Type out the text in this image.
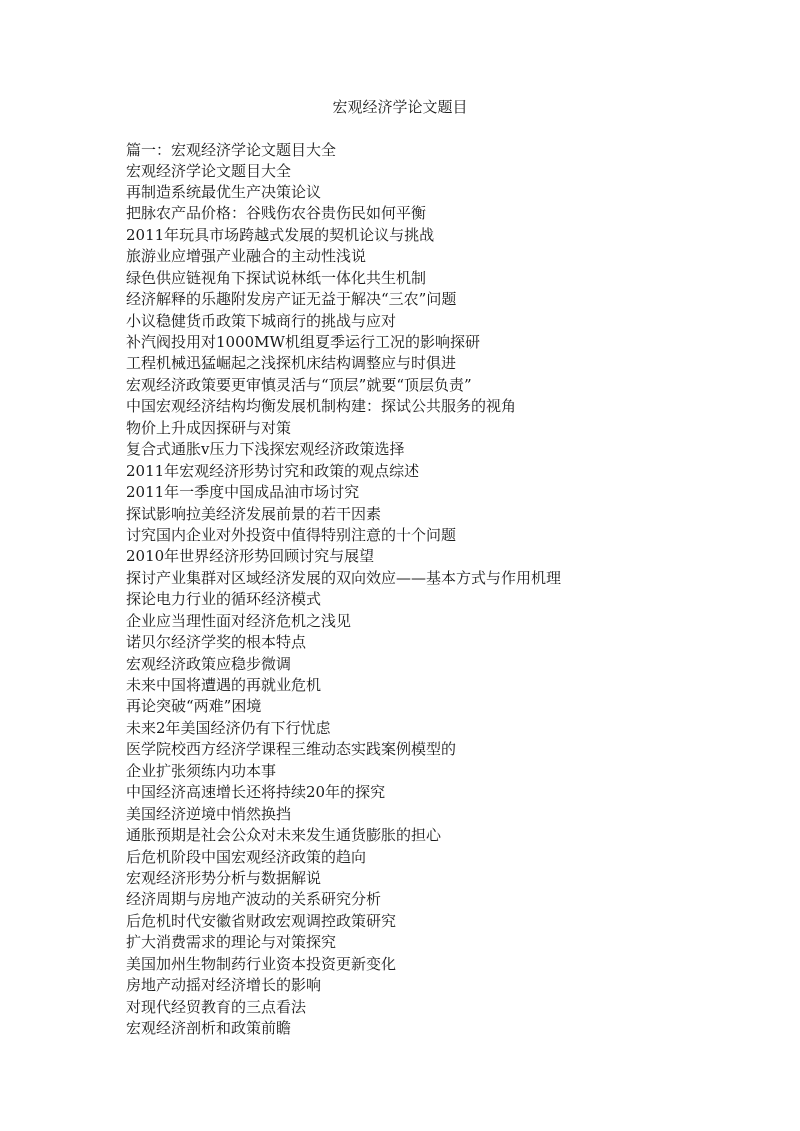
宏观经济学论文题目

篇一：宏观经济学论文题目大全

宏观经济学论文题目大全
再制造系统最优生产决策论议
把脉农产品价格：谷贱伤农谷贵伤民如何平衡
2011年玩具市场跨越式发展的契机论议与挑战
旅游业应增强产业融合的主动性浅说
绿色供应链视角下探试说林纸一体化共生机制
经济解释的乐趣附发房产证无益于解决“三农”问题
小议稳健货币政策下城商行的挑战与应对
补汽阀投用对1000MW机组夏季运行工况的影响探研
工程机械迅猛崛起之浅探机床结构调整应与时俱进
宏观经济政策要更审慎灵活与“顶层”就要“顶层负责”
中国宏观经济结构均衡发展机制构建：探试公共服务的视角
物价上升成因探研与对策
复合式通胀v压力下浅探宏观经济政策选择
2011年宏观经济形势讨究和政策的观点综述
2011年一季度中国成品油市场讨究
探试影响拉美经济发展前景的若干因素
讨究国内企业对外投资中值得特别注意的十个问题
2010年世界经济形势回顾讨究与展望
探讨产业集群对区域经济发展的双向效应——基本方式与作用机理
探论电力行业的循环经济模式
企业应当理性面对经济危机之浅见
诺贝尔经济学奖的根本特点
宏观经济政策应稳步微调
未来中国将遭遇的再就业危机
再论突破“两难”困境
未来2年美国经济仍有下行忧虑
医学院校西方经济学课程三维动态实践案例模型的
企业扩张须练内功本事
中国经济高速增长还将持续20年的探究
美国经济逆境中悄然换挡
通胀预期是社会公众对未来发生通货膨胀的担心
后危机阶段中国宏观经济政策的趋向
宏观经济形势分析与数据解说
经济周期与房地产波动的关系研究分析
后危机时代安徽省财政宏观调控政策研究
扩大消费需求的理论与对策探究
美国加州生物制药行业资本投资更新变化
房地产动摇对经济增长的影响
对现代经贸教育的三点看法
宏观经济剖析和政策前瞻
